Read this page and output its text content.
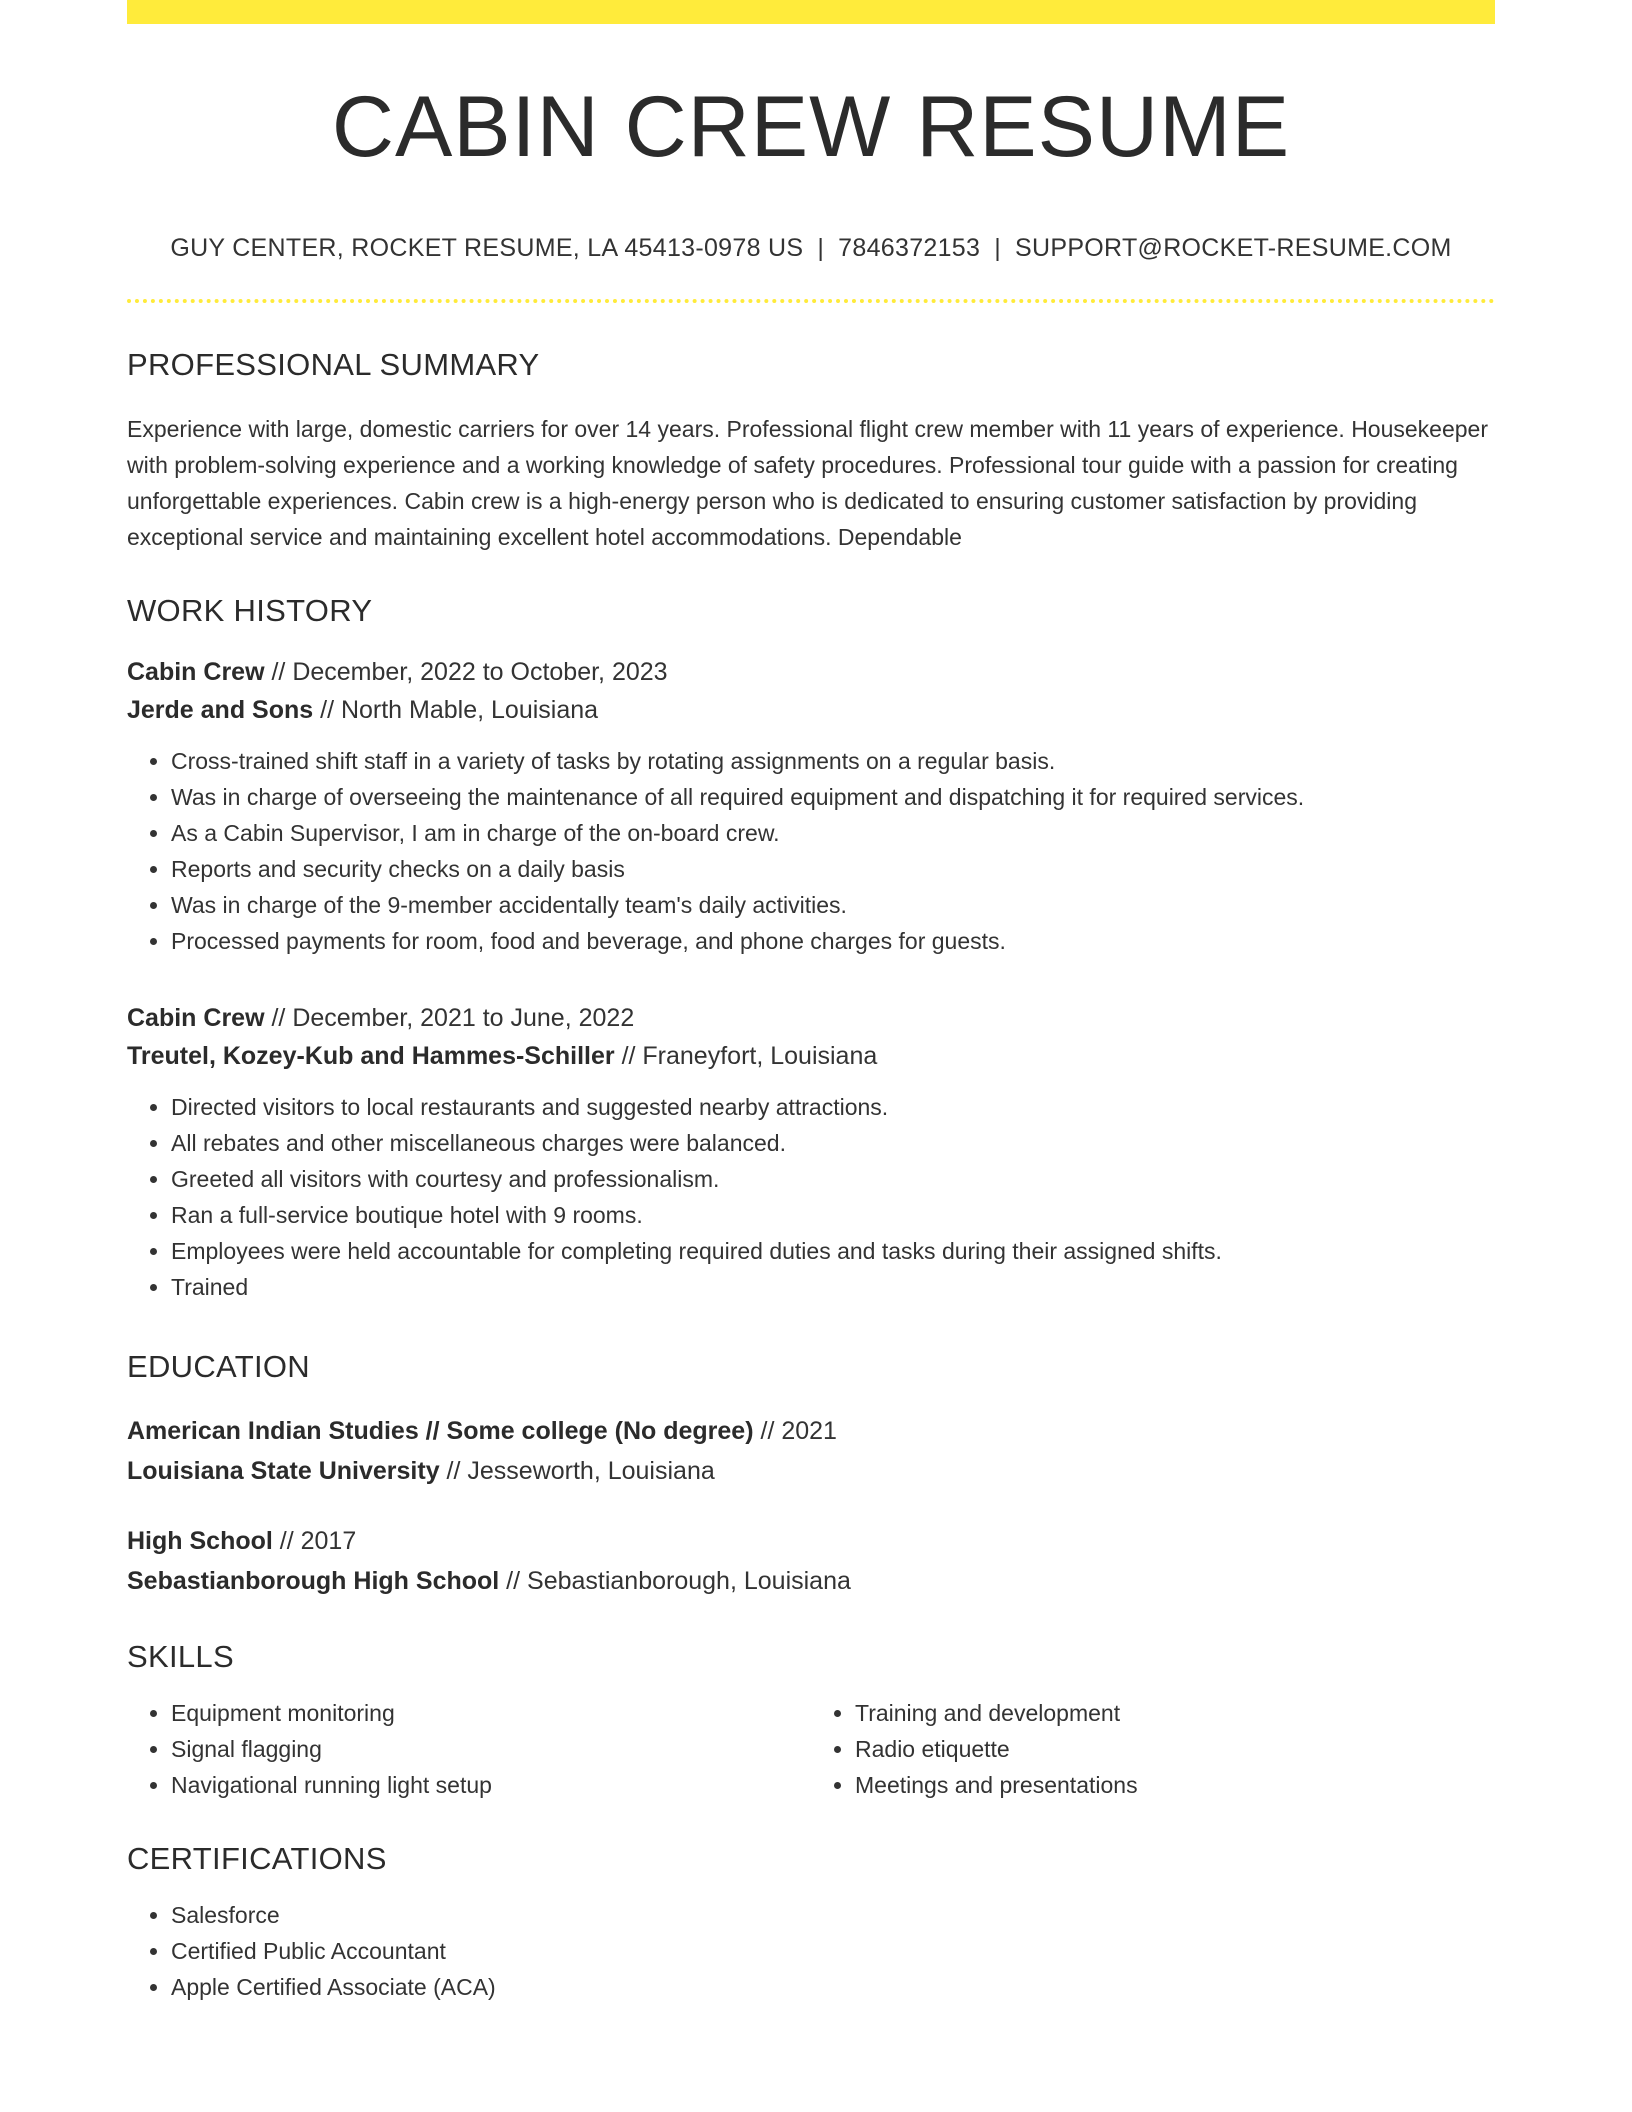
CABIN CREW RESUME
GUY CENTER, ROCKET RESUME, LA 45413-0978 US | 7846372153 | SUPPORT@ROCKET-RESUME.COM
PROFESSIONAL SUMMARY

Experience with large, domestic carriers for over 14 years. Professional flight crew member with 11 years of experience. Housekeeper with problem-solving experience and a working knowledge of safety procedures. Professional tour guide with a passion for creating unforgettable experiences. Cabin crew is a high-energy person who is dedicated to ensuring customer satisfaction by providing exceptional service and maintaining excellent hotel accommodations. Dependable

WORK HISTORY
Cabin Crew // December, 2022 to October, 2023
Jerde and Sons // North Mable, Louisiana
• Cross-trained shift staff in a variety of tasks by rotating assignments on a regular basis.
• Was in charge of overseeing the maintenance of all required equipment and dispatching it for required services.
• As a Cabin Supervisor, I am in charge of the on-board crew.
• Reports and security checks on a daily basis
• Was in charge of the 9-member accidentally team's daily activities.
• Processed payments for room, food and beverage, and phone charges for guests.
Cabin Crew // December, 2021 to June, 2022
Treutel, Kozey-Kub and Hammes-Schiller // Franeyfort, Louisiana
• Directed visitors to local restaurants and suggested nearby attractions.
• All rebates and other miscellaneous charges were balanced.
• Greeted all visitors with courtesy and professionalism.
• Ran a full-service boutique hotel with 9 rooms.
• Employees were held accountable for completing required duties and tasks during their assigned shifts.
• Trained
EDUCATION
American Indian Studies // Some college (No degree) // 2021
Louisiana State University // Jesseworth, Louisiana
High School // 2017
Sebastianborough High School // Sebastianborough, Louisiana
SKILLS
• Equipment monitoring
• Signal flagging
• Navigational running light setup
• Training and development
• Radio etiquette
• Meetings and presentations
CERTIFICATIONS
• Salesforce
• Certified Public Accountant
• Apple Certified Associate (ACA)
